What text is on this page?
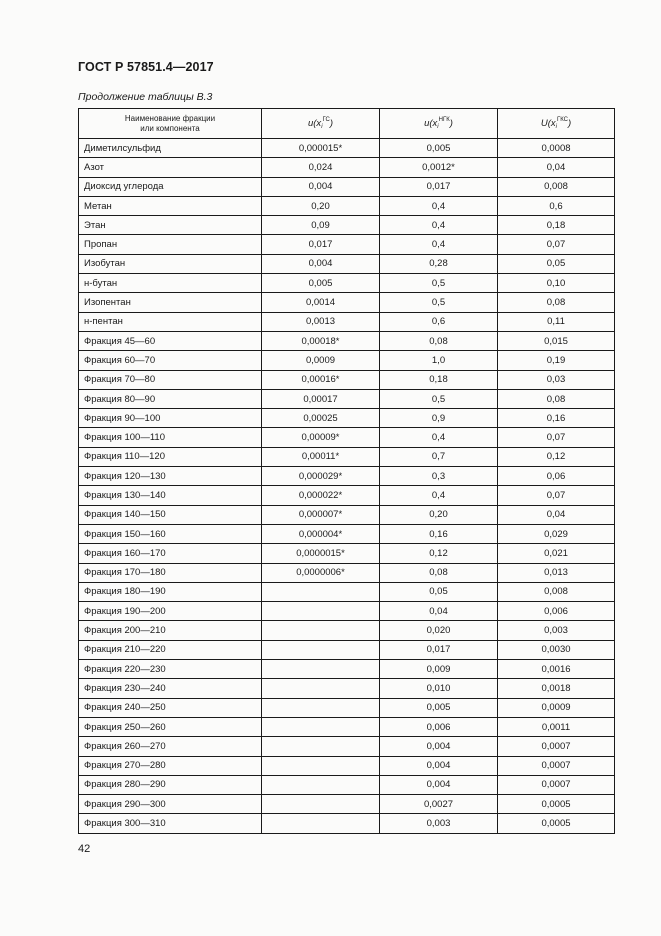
ГОСТ Р 57851.4—2017
Продолжение таблицы В.3
Наименование фракции
или компонента	$u(x_i^{ГС})$	$u(x_i^{НГК})$	$U(x_i^{ГКС})$
Диметилсульфид	0,000015*	0,005	0,0008
Азот	0,024	0,0012*	0,04
Диоксид углерода	0,004	0,017	0,008
Метан	0,20	0,4	0,6
Этан	0,09	0,4	0,18
Пропан	0,017	0,4	0,07
Изобутан	0,004	0,28	0,05
н-бутан	0,005	0,5	0,10
Изопентан	0,0014	0,5	0,08
н-пентан	0,0013	0,6	0,11
Фракция 45—60	0,00018*	0,08	0,015
Фракция 60—70	0,0009	1,0	0,19
Фракция 70—80	0,00016*	0,18	0,03
Фракция 80—90	0,00017	0,5	0,08
Фракция 90—100	0,00025	0,9	0,16
Фракция 100—110	0,00009*	0,4	0,07
Фракция 110—120	0,00011*	0,7	0,12
Фракция 120—130	0,000029*	0,3	0,06
Фракция 130—140	0,000022*	0,4	0,07
Фракция 140—150	0,000007*	0,20	0,04
Фракция 150—160	0,000004*	0,16	0,029
Фракция 160—170	0,0000015*	0,12	0,021
Фракция 170—180	0,0000006*	0,08	0,013
Фракция 180—190		0,05	0,008
Фракция 190—200		0,04	0,006
Фракция 200—210		0,020	0,003
Фракция 210—220		0,017	0,0030
Фракция 220—230		0,009	0,0016
Фракция 230—240		0,010	0,0018
Фракция 240—250		0,005	0,0009
Фракция 250—260		0,006	0,0011
Фракция 260—270		0,004	0,0007
Фракция 270—280		0,004	0,0007
Фракция 280—290		0,004	0,0007
Фракция 290—300		0,0027	0,0005
Фракция 300—310		0,003	0,0005
42
